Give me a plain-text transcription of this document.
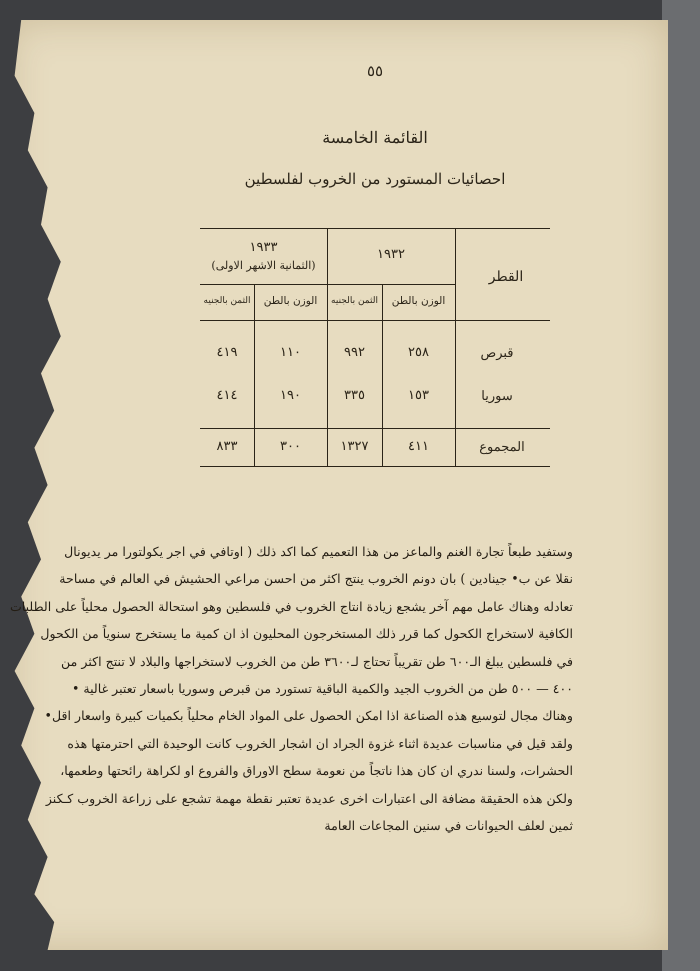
٥٥
القائمة الخامسة
احصائيات المستورد من الخروب لفلسطين
القطر
١٩٣٢
١٩٣٣
(الثمانية الاشهر الاولى)
الوزن بالطن
الثمن بالجنيه
الوزن بالطن
الثمن بالجنيه
قبرص
٢٥٨
٩٩٢
١١٠
٤١٩
سوريا
١٥٣
٣٣٥
١٩٠
٤١٤
المجموع
٤١١
١٣٢٧
٣٠٠
٨٣٣
وستفيد طبعاً تجارة الغنم والماعز من هذا التعميم كما اكد ذلك ( اوتافي في اجر يكولتورا مر يديونال
نقلا عن ب• جينادين ) بان دونم الخروب ينتج اكثر من احسن مراعي الحشيش في العالم في مساحة
تعادله وهناك عامل مهم آخر يشجع زيادة انتاج الخروب في فلسطين وهو استحالة الحصول محلياً على الطلبات
الكافية لاستخراج الكحول كما قرر ذلك المستخرجون المحليون اذ ان كمية ما يستخرج سنوياً من الكحول
في فلسطين يبلغ الـ٦٠٠ طن تقريباً تحتاج لـ٣٦٠٠ طن من الخروب لاستخراجها والبلاد لا تنتج اكثر من
٤٠٠ — ٥٠٠ طن من الخروب الجيد والكمية الباقية تستورد من قبرص وسوريا باسعار تعتبر غالية •
وهناك مجال لتوسيع هذه الصناعة اذا امكن الحصول على المواد الخام محلياً بكميات كبيرة واسعار اقل•
ولقد قيل في مناسبات عديدة اثناء غزوة الجراد ان اشجار الخروب كانت الوحيدة التي احترمتها هذه
الحشرات، ولسنا ندري ان كان هذا ناتجاً من نعومة سطح الاوراق والفروع او لكراهة رائحتها وطعمها،
ولكن هذه الحقيقة مضافة الى اعتبارات اخرى عديدة تعتبر نقطة مهمة تشجع على زراعة الخروب كـكنز
ثمين لعلف الحيوانات في سنين المجاعات العامة
